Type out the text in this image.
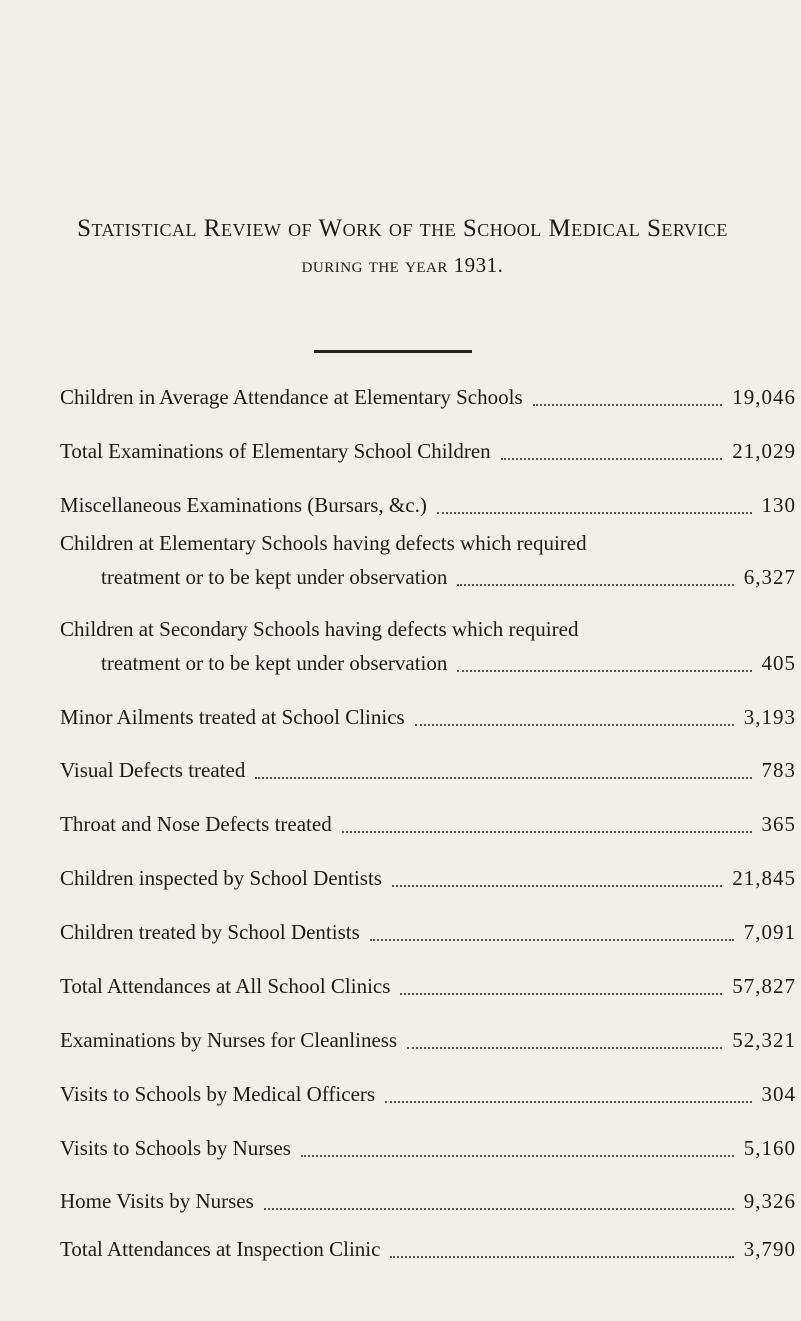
Statistical Review of Work of the School Medical Service
during the year 1931.
Children in Average Attendance at Elementary Schools	19,046
Total Examinations of Elementary School Children	21,029
Miscellaneous Examinations (Bursars, &c.)	130
Children at Elementary Schools having defects which required
treatment or to be kept under observation	6,327
Children at Secondary Schools having defects which required
treatment or to be kept under observation	405
Minor Ailments treated at School Clinics	3,193
Visual Defects treated	783
Throat and Nose Defects treated	365
Children inspected by School Dentists	21,845
Children treated by School Dentists	7,091
Total Attendances at All School Clinics	57,827
Examinations by Nurses for Cleanliness	52,321
Visits to Schools by Medical Officers	304
Visits to Schools by Nurses	5,160
Home Visits by Nurses	9,326
Total Attendances at Inspection Clinic	3,790
